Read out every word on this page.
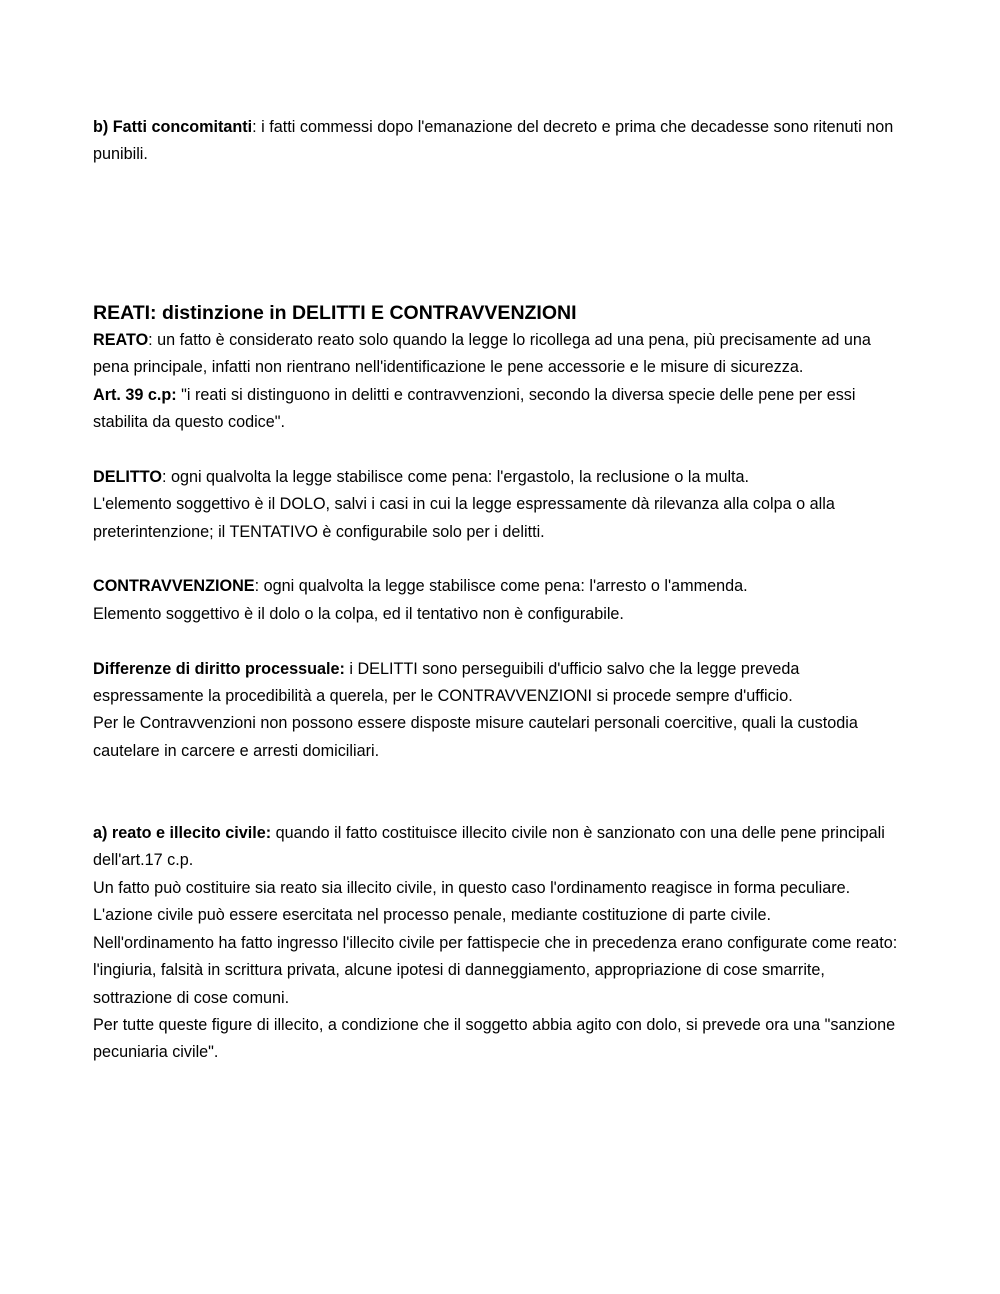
b) Fatti concomitanti: i fatti commessi dopo l'emanazione del decreto e prima che decadesse sono ritenuti non punibili.

REATI: distinzione in DELITTI E CONTRAVVENZIONI

REATO: un fatto è considerato reato solo quando la legge lo ricollega ad una pena, più precisamente ad una pena principale, infatti non rientrano nell'identificazione le pene accessorie e le misure di sicurezza.

Art. 39 c.p: "i reati si distinguono in delitti e contravvenzioni, secondo la diversa specie delle pene per essi stabilita da questo codice".

DELITTO: ogni qualvolta la legge stabilisce come pena: l'ergastolo, la reclusione o la multa.

L'elemento soggettivo è il DOLO, salvi i casi in cui la legge espressamente dà rilevanza alla colpa o alla preterintenzione; il TENTATIVO è configurabile solo per i delitti.

CONTRAVVENZIONE: ogni qualvolta la legge stabilisce come pena: l'arresto o l'ammenda.

Elemento soggettivo è il dolo o la colpa, ed il tentativo non è configurabile.

Differenze di diritto processuale: i DELITTI sono perseguibili d'ufficio salvo che la legge preveda espressamente la procedibilità a querela, per le CONTRAVVENZIONI si procede sempre d'ufficio.

Per le Contravvenzioni non possono essere disposte misure cautelari personali coercitive, quali la custodia cautelare in carcere e arresti domiciliari.

a) reato e illecito civile: quando il fatto costituisce illecito civile non è sanzionato con una delle pene principali dell'art.17 c.p.

Un fatto può costituire sia reato sia illecito civile, in questo caso l'ordinamento reagisce in forma peculiare.

L'azione civile può essere esercitata nel processo penale, mediante costituzione di parte civile.

Nell'ordinamento ha fatto ingresso l'illecito civile per fattispecie che in precedenza erano configurate come reato: l'ingiuria, falsità in scrittura privata, alcune ipotesi di danneggiamento, appropriazione di cose smarrite, sottrazione di cose comuni.

Per tutte queste figure di illecito, a condizione che il soggetto abbia agito con dolo, si prevede ora una "sanzione pecuniaria civile".
